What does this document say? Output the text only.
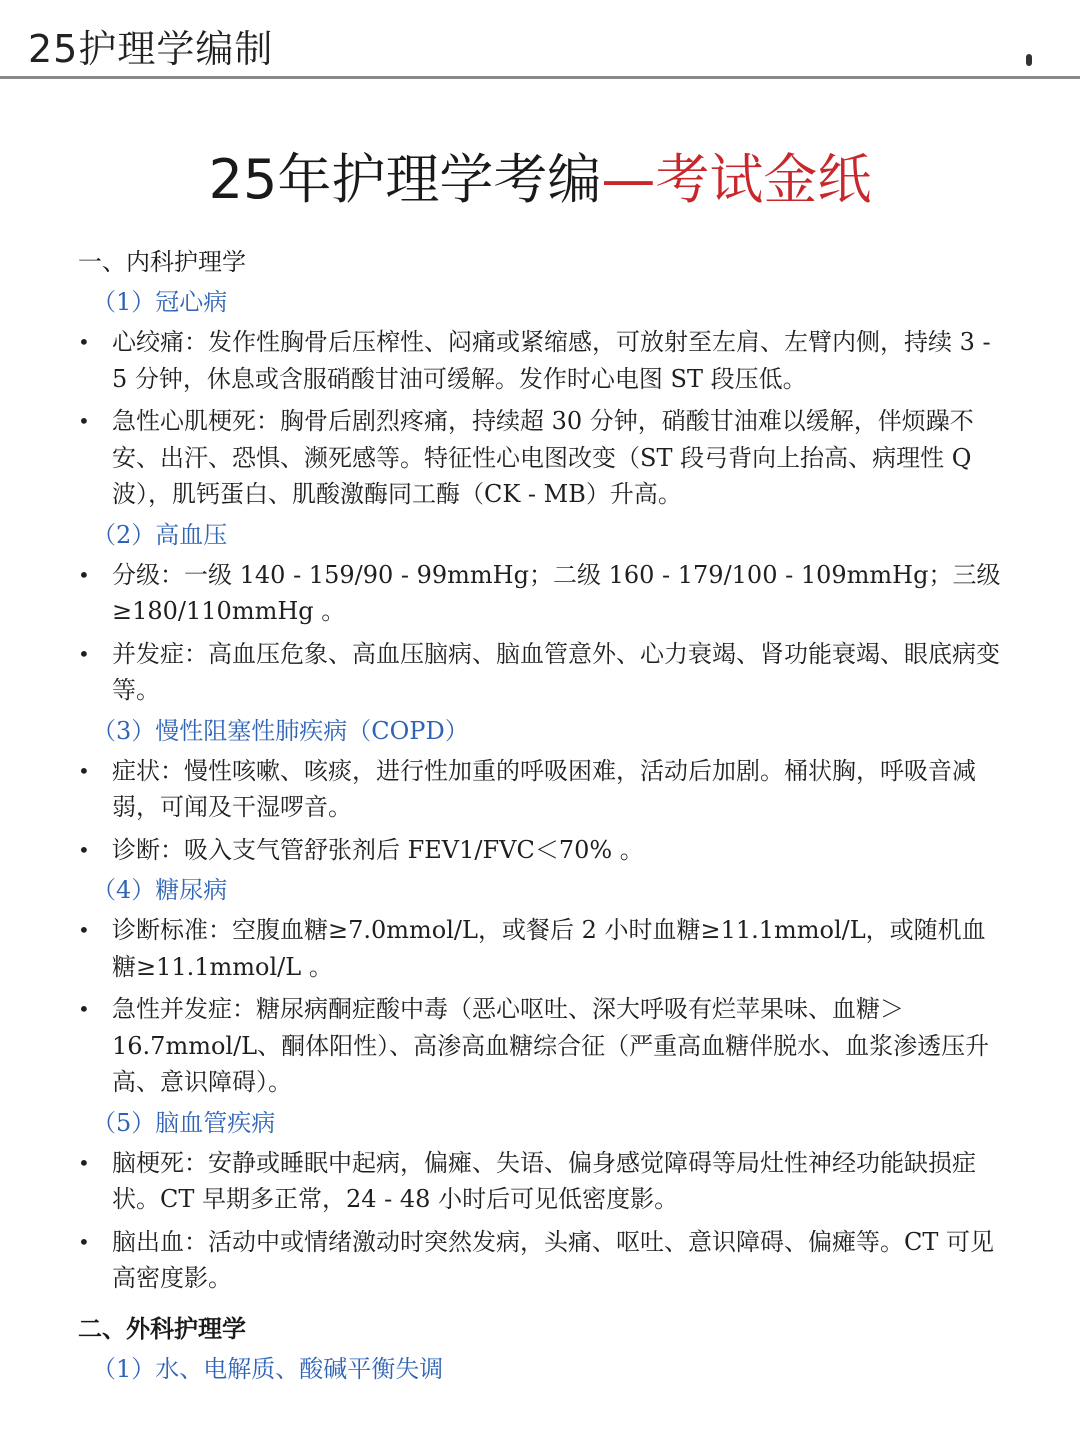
25护理学编制
25年护理学考编—考试金纸
一、内科护理学
（1）冠心病
• 心绞痛：发作性胸骨后压榨性、闷痛或紧缩感，可放射至左肩、左臂内侧，持续 3 - 5 分钟，休息或含服硝酸甘油可缓解。发作时心电图 ST 段压低。
• 急性心肌梗死：胸骨后剧烈疼痛，持续超 30 分钟，硝酸甘油难以缓解，伴烦躁不安、出汗、恐惧、濒死感等。特征性心电图改变（ST 段弓背向上抬高、病理性 Q 波），肌钙蛋白、肌酸激酶同工酶（CK - MB）升高。
（2）高血压
• 分级：一级 140 - 159/90 - 99mmHg；二级 160 - 179/100 - 109mmHg；三级≥180/110mmHg 。
• 并发症：高血压危象、高血压脑病、脑血管意外、心力衰竭、肾功能衰竭、眼底病变等。
（3）慢性阻塞性肺疾病（COPD）
• 症状：慢性咳嗽、咳痰，进行性加重的呼吸困难，活动后加剧。桶状胸，呼吸音减弱，可闻及干湿啰音。
• 诊断：吸入支气管舒张剂后 FEV1/FVC＜70% 。
（4）糖尿病
• 诊断标准：空腹血糖≥7.0mmol/L，或餐后 2 小时血糖≥11.1mmol/L，或随机血糖≥11.1mmol/L 。
• 急性并发症：糖尿病酮症酸中毒（恶心呕吐、深大呼吸有烂苹果味、血糖＞16.7mmol/L、酮体阳性）、高渗高血糖综合征（严重高血糖伴脱水、血浆渗透压升高、意识障碍）。
（5）脑血管疾病
• 脑梗死：安静或睡眠中起病，偏瘫、失语、偏身感觉障碍等局灶性神经功能缺损症状。CT 早期多正常，24 - 48 小时后可见低密度影。
• 脑出血：活动中或情绪激动时突然发病，头痛、呕吐、意识障碍、偏瘫等。CT 可见高密度影。
二、外科护理学
（1）水、电解质、酸碱平衡失调
